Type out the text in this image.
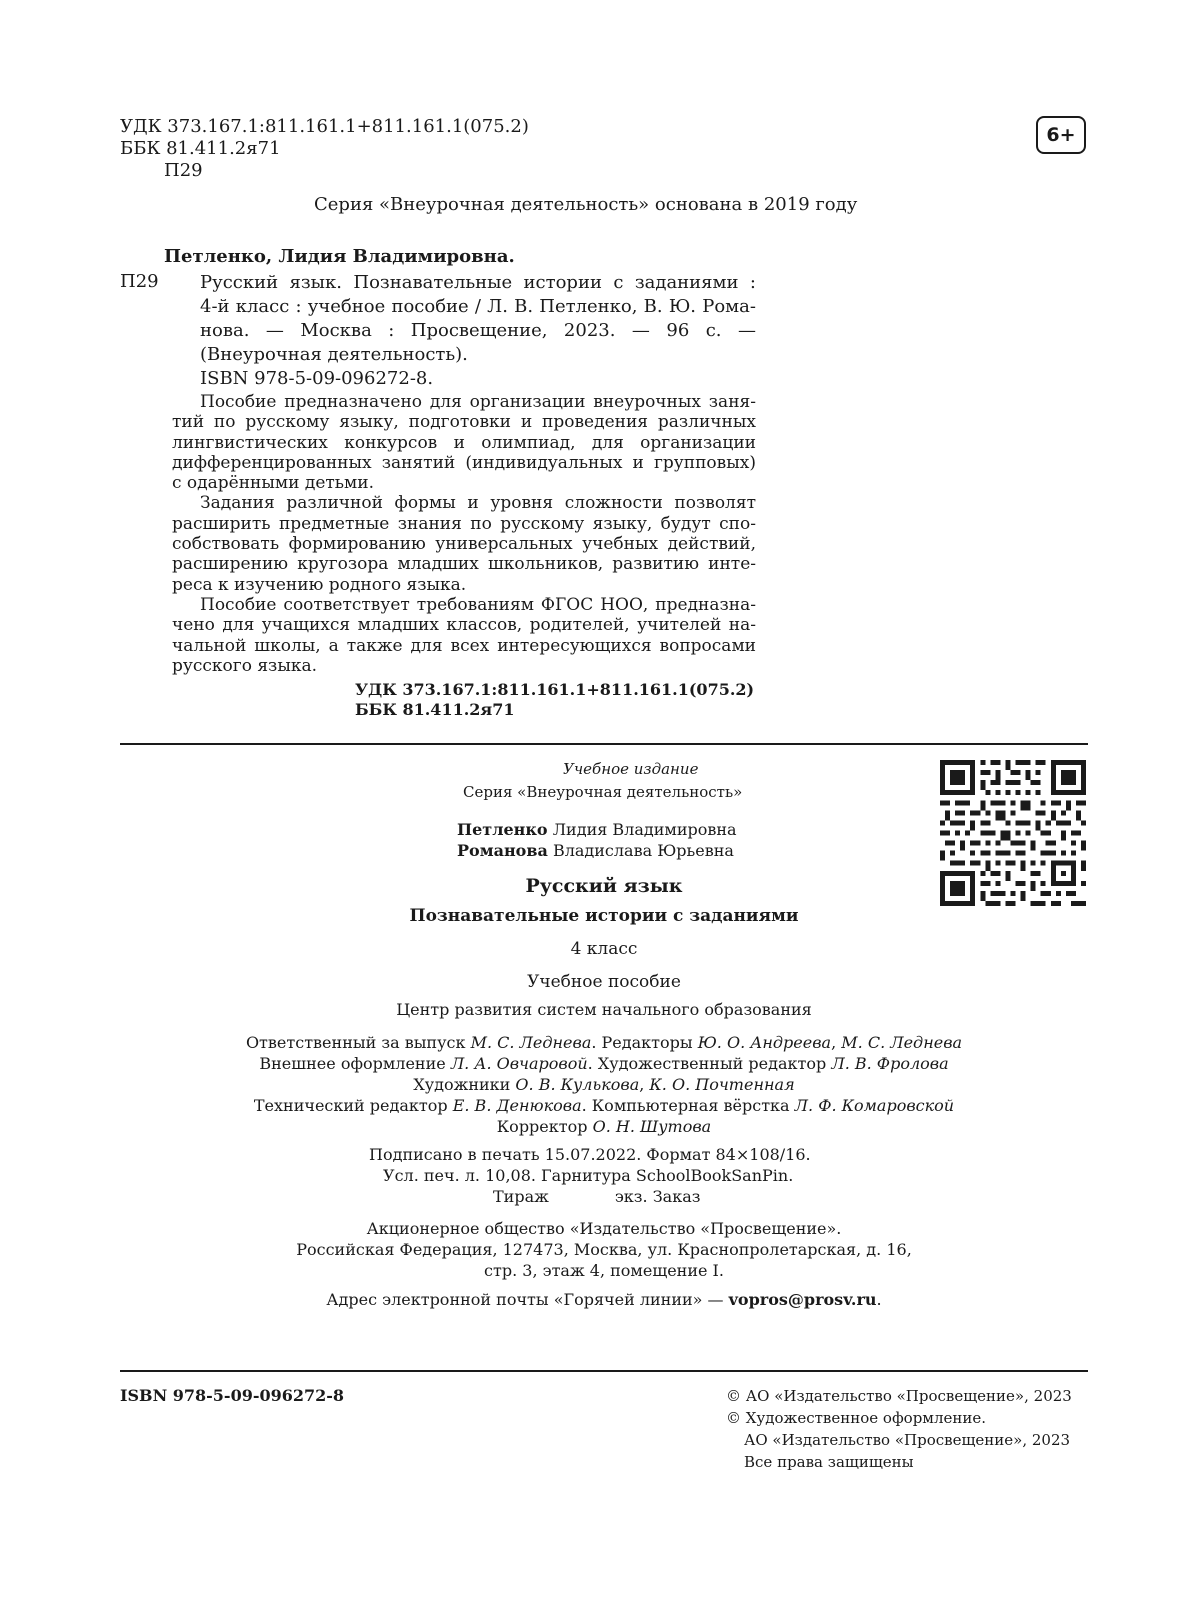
УДК 373.167.1:811.161.1+811.161.1(075.2)
ББК 81.411.2я71
П29
6+
Серия «Внеурочная деятельность» основана в 2019 году
Петленко, Лидия Владимировна.
П29 Русский язык. Познавательные истории с заданиями :
4-й класс : учебное пособие / Л. В. Петленко, В. Ю. Рома-
нова. — Москва : Просвещение, 2023. — 96 с. —
(Внеурочная деятельность).
ISBN 978-5-09-096272-8.
Пособие предназначено для организации внеурочных заня-
тий по русскому языку, подготовки и проведения различных
лингвистических конкурсов и олимпиад, для организации
дифференцированных занятий (индивидуальных и групповых)
с одарёнными детьми.
Задания различной формы и уровня сложности позволят
расширить предметные знания по русскому языку, будут спо-
собствовать формированию универсальных учебных действий,
расширению кругозора младших школьников, развитию инте-
реса к изучению родного языка.
Пособие соответствует требованиям ФГОС НОО, предназна-
чено для учащихся младших классов, родителей, учителей на-
чальной школы, а также для всех интересующихся вопросами
русского языка.
УДК 373.167.1:811.161.1+811.161.1(075.2)
ББК 81.411.2я71
Учебное издание
Серия «Внеурочная деятельность»
Петленко Лидия Владимировна
Романова Владислава Юрьевна
Русский язык
Познавательные истории с заданиями
4 класс
Учебное пособие
Центр развития систем начального образования
Ответственный за выпуск М. С. Леднева. Редакторы Ю. О. Андреева, М. С. Леднева
Внешнее оформление Л. А. Овчаровой. Художественный редактор Л. В. Фролова
Художники О. В. Кулькова, К. О. Почтенная
Технический редактор Е. В. Денюкова. Компьютерная вёрстка Л. Ф. Комаровской
Корректор О. Н. Шутова
Подписано в печать 15.07.2022. Формат 84×108/16.
Усл. печ. л. 10,08. Гарнитура SchoolBookSanPin.
Тираж	экз. Заказ
Акционерное общество «Издательство «Просвещение».
Российская Федерация, 127473, Москва, ул. Краснопролетарская, д. 16,
стр. 3, этаж 4, помещение I.
Адрес электронной почты «Горячей линии» — vopros@prosv.ru.
ISBN 978-5-09-096272-8	© АО «Издательство «Просвещение», 2023
© Художественное оформление.
АО «Издательство «Просвещение», 2023
Все права защищены
